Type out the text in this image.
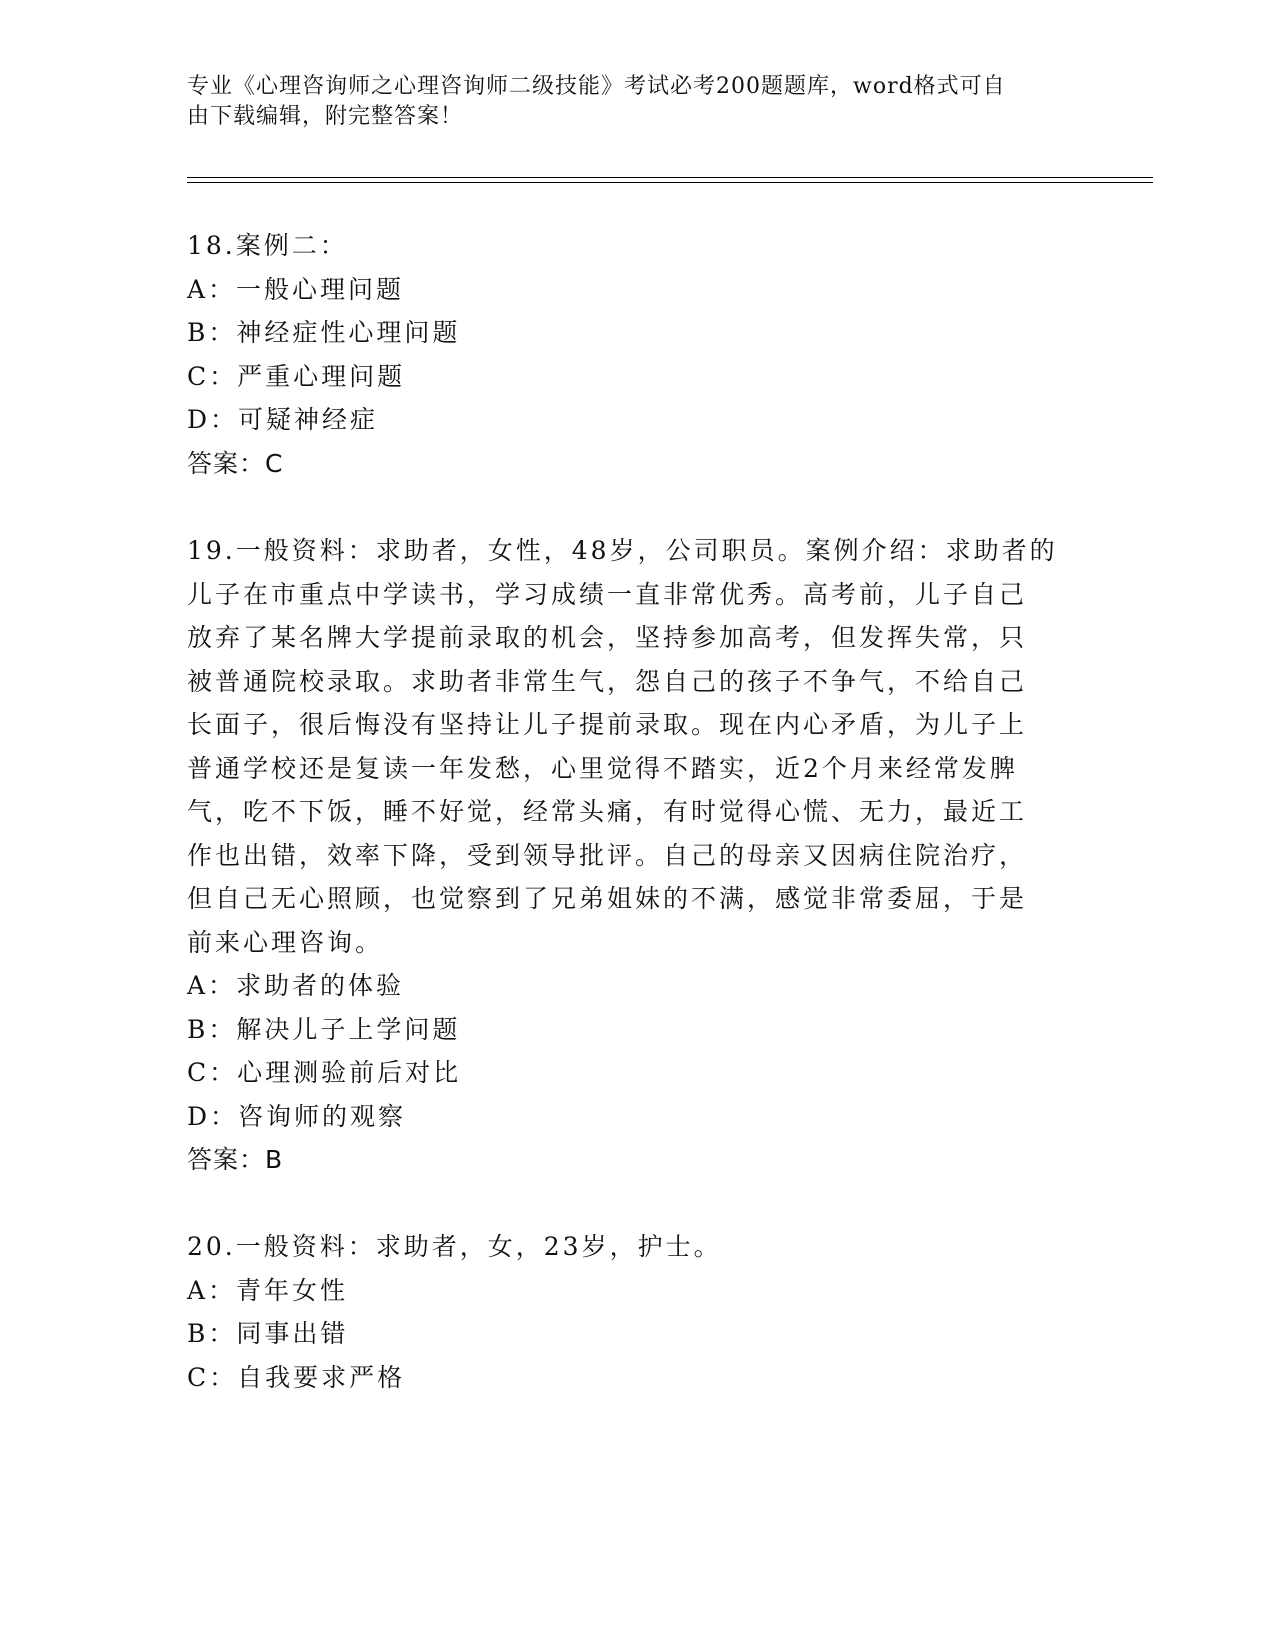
专业《心理咨询师之心理咨询师二级技能》考试必考200题题库，word格式可自
由下载编辑，附完整答案！
18.案例二：
A：一般心理问题
B：神经症性心理问题
C：严重心理问题
D：可疑神经症
答案：C
19.一般资料：求助者，女性，48岁，公司职员。案例介绍：求助者的
儿子在市重点中学读书，学习成绩一直非常优秀。高考前，儿子自己
放弃了某名牌大学提前录取的机会，坚持参加高考，但发挥失常，只
被普通院校录取。求助者非常生气，怨自己的孩子不争气，不给自己
长面子，很后悔没有坚持让儿子提前录取。现在内心矛盾，为儿子上
普通学校还是复读一年发愁，心里觉得不踏实，近2个月来经常发脾
气，吃不下饭，睡不好觉，经常头痛，有时觉得心慌、无力，最近工
作也出错，效率下降，受到领导批评。自己的母亲又因病住院治疗，
但自己无心照顾，也觉察到了兄弟姐妹的不满，感觉非常委屈，于是
前来心理咨询。
A：求助者的体验
B：解决儿子上学问题
C：心理测验前后对比
D：咨询师的观察
答案：B
20.一般资料：求助者，女，23岁，护士。
A：青年女性
B：同事出错
C：自我要求严格
